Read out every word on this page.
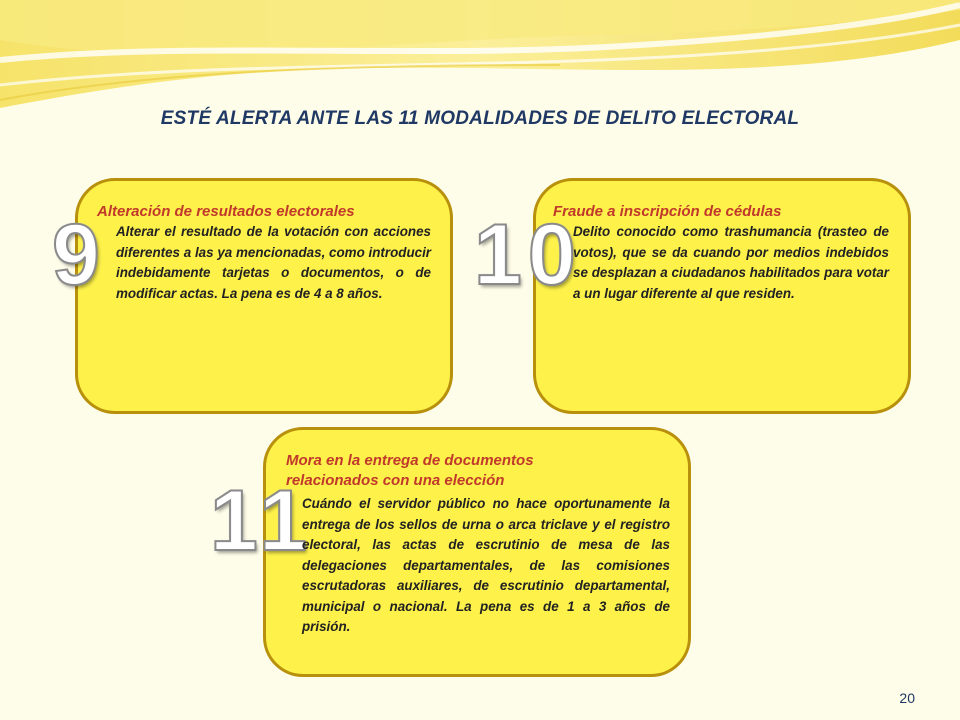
ESTÉ ALERTA ANTE LAS 11 MODALIDADES DE DELITO ELECTORAL
9
Alteración de resultados electorales
Alterar el resultado de la votación con acciones diferentes a las ya mencionadas, como introducir indebidamente tarjetas o documentos, o de modificar actas. La pena es de 4 a 8 años.	10
Fraude a inscripción de cédulas
Delito conocido como trashumancia (trasteo de votos), que se da cuando por medios indebidos se desplazan a ciudadanos habilitados para votar a un lugar diferente al que residen.
11
Mora en la entrega de documentos relacionados con una elección
Cuándo el servidor público no hace oportunamente la entrega de los sellos de urna o arca triclave y el registro electoral, las actas de escrutinio de mesa de las delegaciones departamentales, de las comisiones escrutadoras auxiliares, de escrutinio departamental, municipal o nacional. La pena es de 1 a 3 años de prisión.
20
